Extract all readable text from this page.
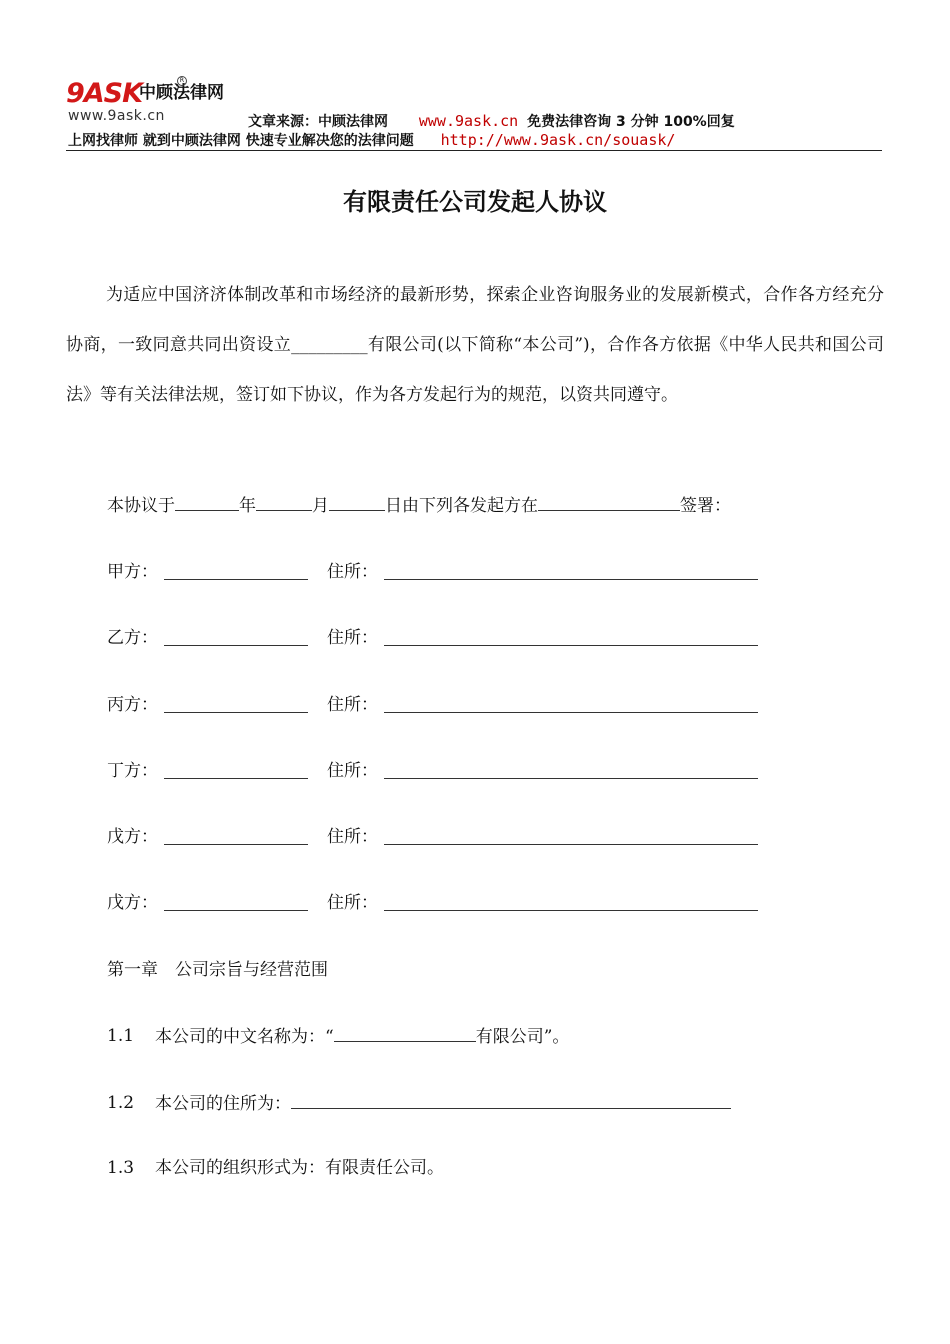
9ASK
中顾法律网
R
www.9ask.cn	文章来源：中顾法律网 www.9ask.cn 免费法律咨询 3 分钟 100%回复
上网找律师 就到中顾法律网 快速专业解决您的法律问题 http://www.9ask.cn/souask/
有限责任公司发起人协议
为适应中国济济体制改革和市场经济的最新形势，探索企业咨询服务业的发展新模式，合作各方经充分协商，一致同意共同出资设立_________有限公司(以下简称“本公司”)，合作各方依据《中华人民共和国公司法》等有关法律法规，签订如下协议，作为各方发起行为的规范，以资共同遵守。
本协议于	年	月	日由下列各发起方在	签署：
甲方：	住所：
乙方：	住所：
丙方：	住所：
丁方：	住所：
戊方：	住所：
戊方：	住所：
第一章　公司宗旨与经营范围
1.1 本公司的中文名称为：“	有限公司”。
1.2 本公司的住所为：
1.3 本公司的组织形式为：有限责任公司。
